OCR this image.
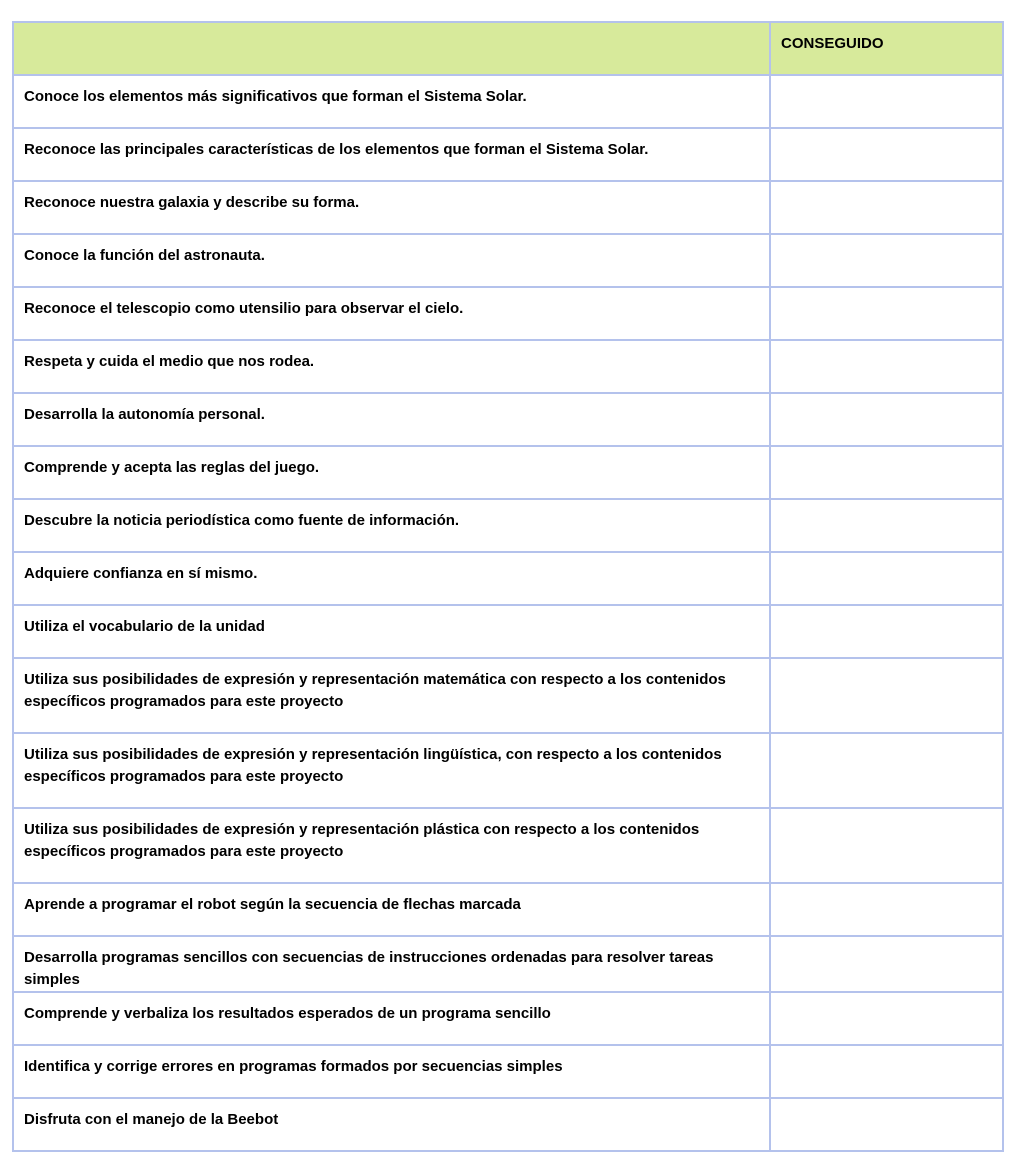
	CONSEGUIDO
Conoce los elementos más significativos que forman el Sistema Solar.	
Reconoce las principales características de los elementos que forman el Sistema Solar.	
Reconoce nuestra galaxia y describe su forma.	
Conoce la función del astronauta.	
Reconoce el telescopio como utensilio para observar el cielo.	
Respeta y cuida el medio que nos rodea.	
Desarrolla la autonomía personal.	
Comprende y acepta las reglas del juego.	
Descubre la noticia periodística como fuente de información.	
Adquiere confianza en sí mismo.	
Utiliza el vocabulario de la unidad	
Utiliza sus posibilidades de expresión y representación matemática con respecto a los contenidos específicos programados para este proyecto	
Utiliza sus posibilidades de expresión y representación lingüística, con respecto a los contenidos específicos programados para este proyecto	
Utiliza sus posibilidades de expresión y representación plástica con respecto a los contenidos específicos programados para este proyecto	
Aprende a programar el robot según la secuencia de flechas marcada	
Desarrolla programas sencillos con secuencias de instrucciones ordenadas para resolver tareas simples	
Comprende y verbaliza los resultados esperados de un programa sencillo	
Identifica y corrige errores en programas formados por secuencias simples	
Disfruta con el manejo de la Beebot	
